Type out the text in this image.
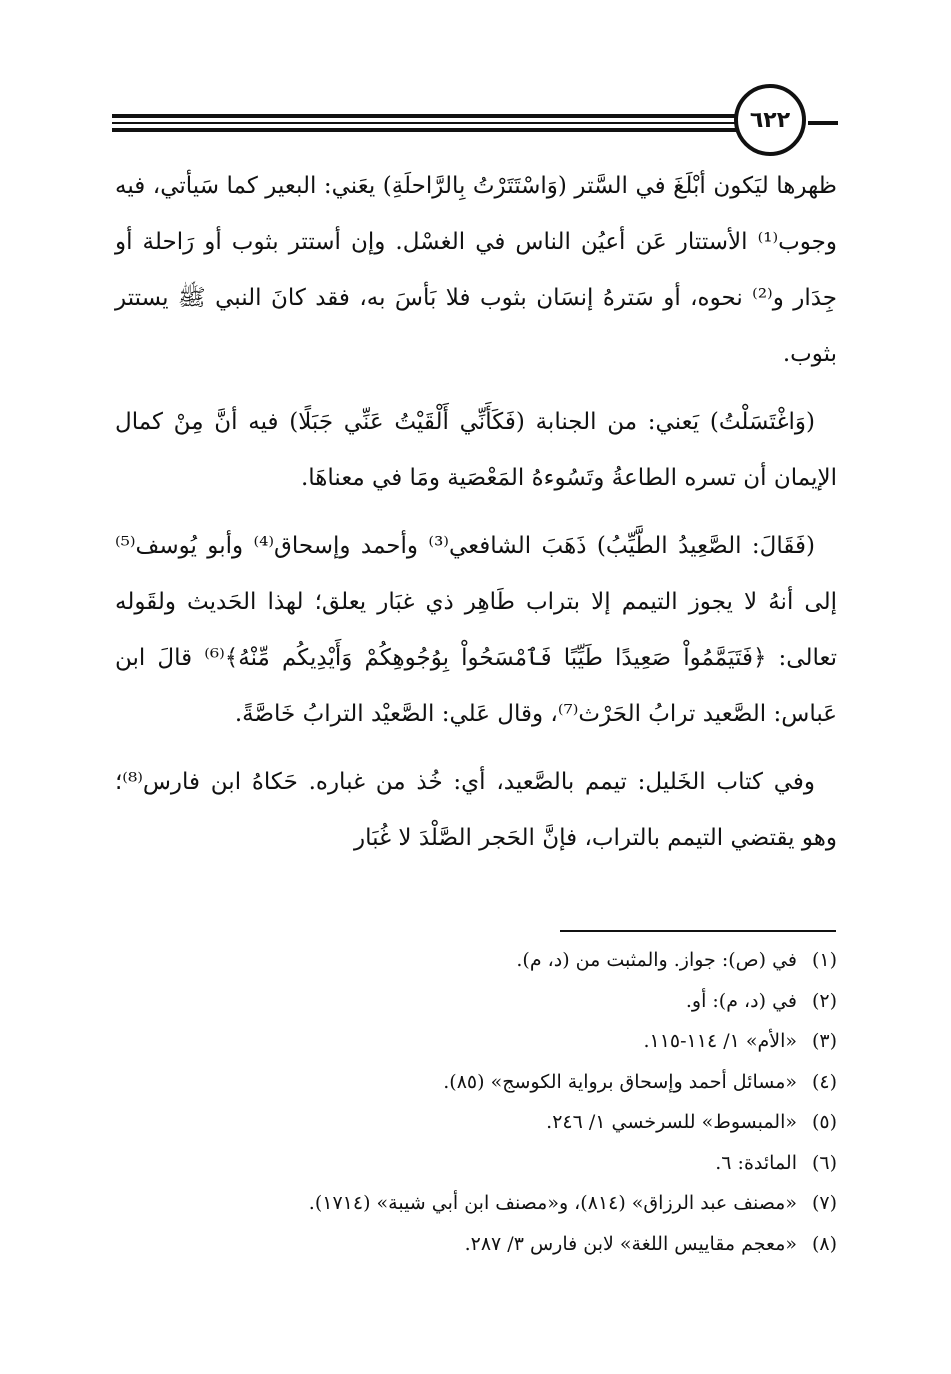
٦٢٢

ظهرها ليَكون أبْلَغَ في السَّتر (وَاسْتَتَرْتُ بِالرَّاحلَةِ) يعَني: البعير كما سَيأتي، فيه وجوب⁽¹⁾ الأستتار عَن أعيُن الناس في الغسْل. وإن أستتر بثوب أو رَاحلة أو جِدَار و⁽²⁾ نحوه، أو سَترهُ إنسَان بثوب فلا بَأسَ به، فقد كانَ النبي ﷺ يستتر بثوب.

(وَاغْتَسَلْتُ) يَعني: من الجنابة (فَكَأَنِّي أَلْقَيْتُ عَنِّي جَبَلًا) فيه أنَّ مِنْ كمال الإيمان أن تسره الطاعةُ وتَسُوءهُ المَعْصَية ومَا في معناهَا.

(فَقَالَ: الصَّعِيدُ الطَّيِّبُ) ذَهَبَ الشافعي⁽³⁾ وأحمد وإسحاق⁽⁴⁾ وأبو يُوسف⁽⁵⁾ إلى أنهُ لا يجوز التيمم إلا بتراب طَاهِر ذي غبَار يعلق؛ لهذا الحَديث ولقَوله تعالى: ﴿فَتَيَمَّمُواْ صَعِيدًا طَيِّبًا فَٱمْسَحُواْ بِوُجُوهِكُمْ وَأَيْدِيكُم مِّنْهُ﴾⁽⁶⁾ قالَ ابن عَباس: الصَّعيد ترابُ الحَرْث⁽⁷⁾، وقال عَلي: الصَّعيْد الترابُ خَاصَّةً.

وفي كتاب الخَليل: تيمم بالصَّعيد، أي: خُذ من غباره. حَكاهُ ابن فارس⁽⁸⁾؛ وهو يقتضي التيمم بالتراب، فإنَّ الحَجر الصَّلْدَ لا غُبَار

(١)في (ص): جواز. والمثبت من (د، م).
(٢)في (د، م): أو.
(٣)«الأم» ١/ ١١٤-١١٥.
(٤)«مسائل أحمد وإسحاق برواية الكوسج» (٨٥).
(٥)«المبسوط» للسرخسي ١/ ٢٤٦.
(٦)المائدة: ٦.
(٧)«مصنف عبد الرزاق» (٨١٤)، و«مصنف ابن أبي شيبة» (١٧١٤).
(٨)«معجم مقاييس اللغة» لابن فارس ٣/ ٢٨٧.
